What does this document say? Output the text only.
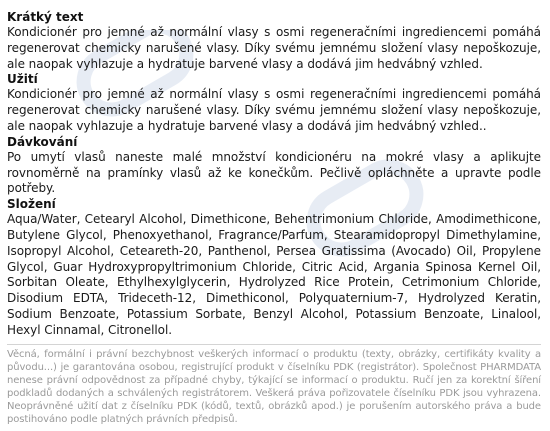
Krátký text

Kondicionér pro jemné až normální vlasy s osmi regeneračními ingrediencemi pomáhá regenerovat chemicky narušené vlasy. Díky svému jemnému složení vlasy nepoškozuje, ale naopak vyhlazuje a hydratuje barvené vlasy a dodává jim hedvábný vzhled.

Užití

Kondicionér pro jemné až normální vlasy s osmi regeneračními ingrediencemi pomáhá regenerovat chemicky narušené vlasy. Díky svému jemnému složení vlasy nepoškozuje, ale naopak vyhlazuje a hydratuje barvené vlasy a dodává jim hedvábný vzhled..

Dávkování

Po umytí vlasů naneste malé množství kondicionéru na mokré vlasy a aplikujte rovnoměrně na pramínky vlasů až ke konečkům. Pečlivě opláchněte a upravte podle potřeby.

Složení

Aqua/Water, Cetearyl Alcohol, Dimethicone, Behentrimonium Chloride, Amodimethicone, Butylene Glycol, Phenoxyethanol, Fragrance/Parfum, Stearamidopropyl Dimethylamine, Isopropyl Alcohol, Ceteareth-20, Panthenol, Persea Gratissima (Avocado) Oil, Propylene Glycol, Guar Hydroxypropyltrimonium Chloride, Citric Acid, Argania Spinosa Kernel Oil, Sorbitan Oleate, Ethylhexylglycerin, Hydrolyzed Rice Protein, Cetrimonium Chloride, Disodium EDTA, Trideceth-12, Dimethiconol, Polyquaternium-7, Hydrolyzed Keratin, Sodium Benzoate, Potassium Sorbate, Benzyl Alcohol, Potassium Benzoate, Linalool, Hexyl Cinnamal, Citronellol.

Věcná, formální i právní bezchybnost veškerých informací o produktu (texty, obrázky, certifikáty kvality a původu...) je garantována osobou, registrující produkt v číselníku PDK (registrátor). Společnost PHARMDATA nenese právní odpovědnost za případné chyby, týkající se informací o produktu. Ručí jen za korektní šíření podkladů dodaných a schválených registrátorem. Veškerá práva pořizovatele číselníku PDK jsou vyhrazena. Neoprávněné užití dat z číselníku PDK (kódů, textů, obrázků apod.) je porušením autorského práva a bude postihováno podle platných právních předpisů.
